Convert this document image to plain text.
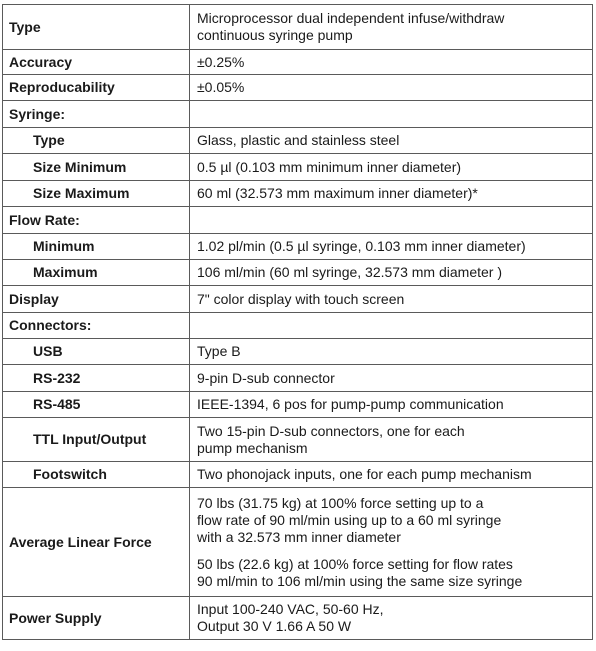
Type	Microprocessor dual independent infuse/withdraw
continuous syringe pump
Accuracy	±0.25%
Reproducability	±0.05%
Syringe:	
Type	Glass, plastic and stainless steel
Size Minimum	0.5 µl (0.103 mm minimum inner diameter)
Size Maximum	60 ml (32.573 mm maximum inner diameter)*
Flow Rate:	
Minimum	1.02 pl/min (0.5 µl syringe, 0.103 mm inner diameter)
Maximum	106 ml/min (60 ml syringe, 32.573 mm diameter )
Display	7" color display with touch screen
Connectors:	
USB	Type B
RS-232	9-pin D-sub connector
RS-485	IEEE-1394, 6 pos for pump-pump communication
TTL Input/Output	Two 15-pin D-sub connectors, one for each
pump mechanism
Footswitch	Two phonojack inputs, one for each pump mechanism
Average Linear Force	70 lbs (31.75 kg) at 100% force setting up to a
flow rate of 90 ml/min using up to a 60 ml syringe
with a 32.573 mm inner diameter
50 lbs (22.6 kg) at 100% force setting for flow rates
90 ml/min to 106 ml/min using the same size syringe

Power Supply	Input 100-240 VAC, 50-60 Hz,
Output 30 V 1.66 A 50 W
